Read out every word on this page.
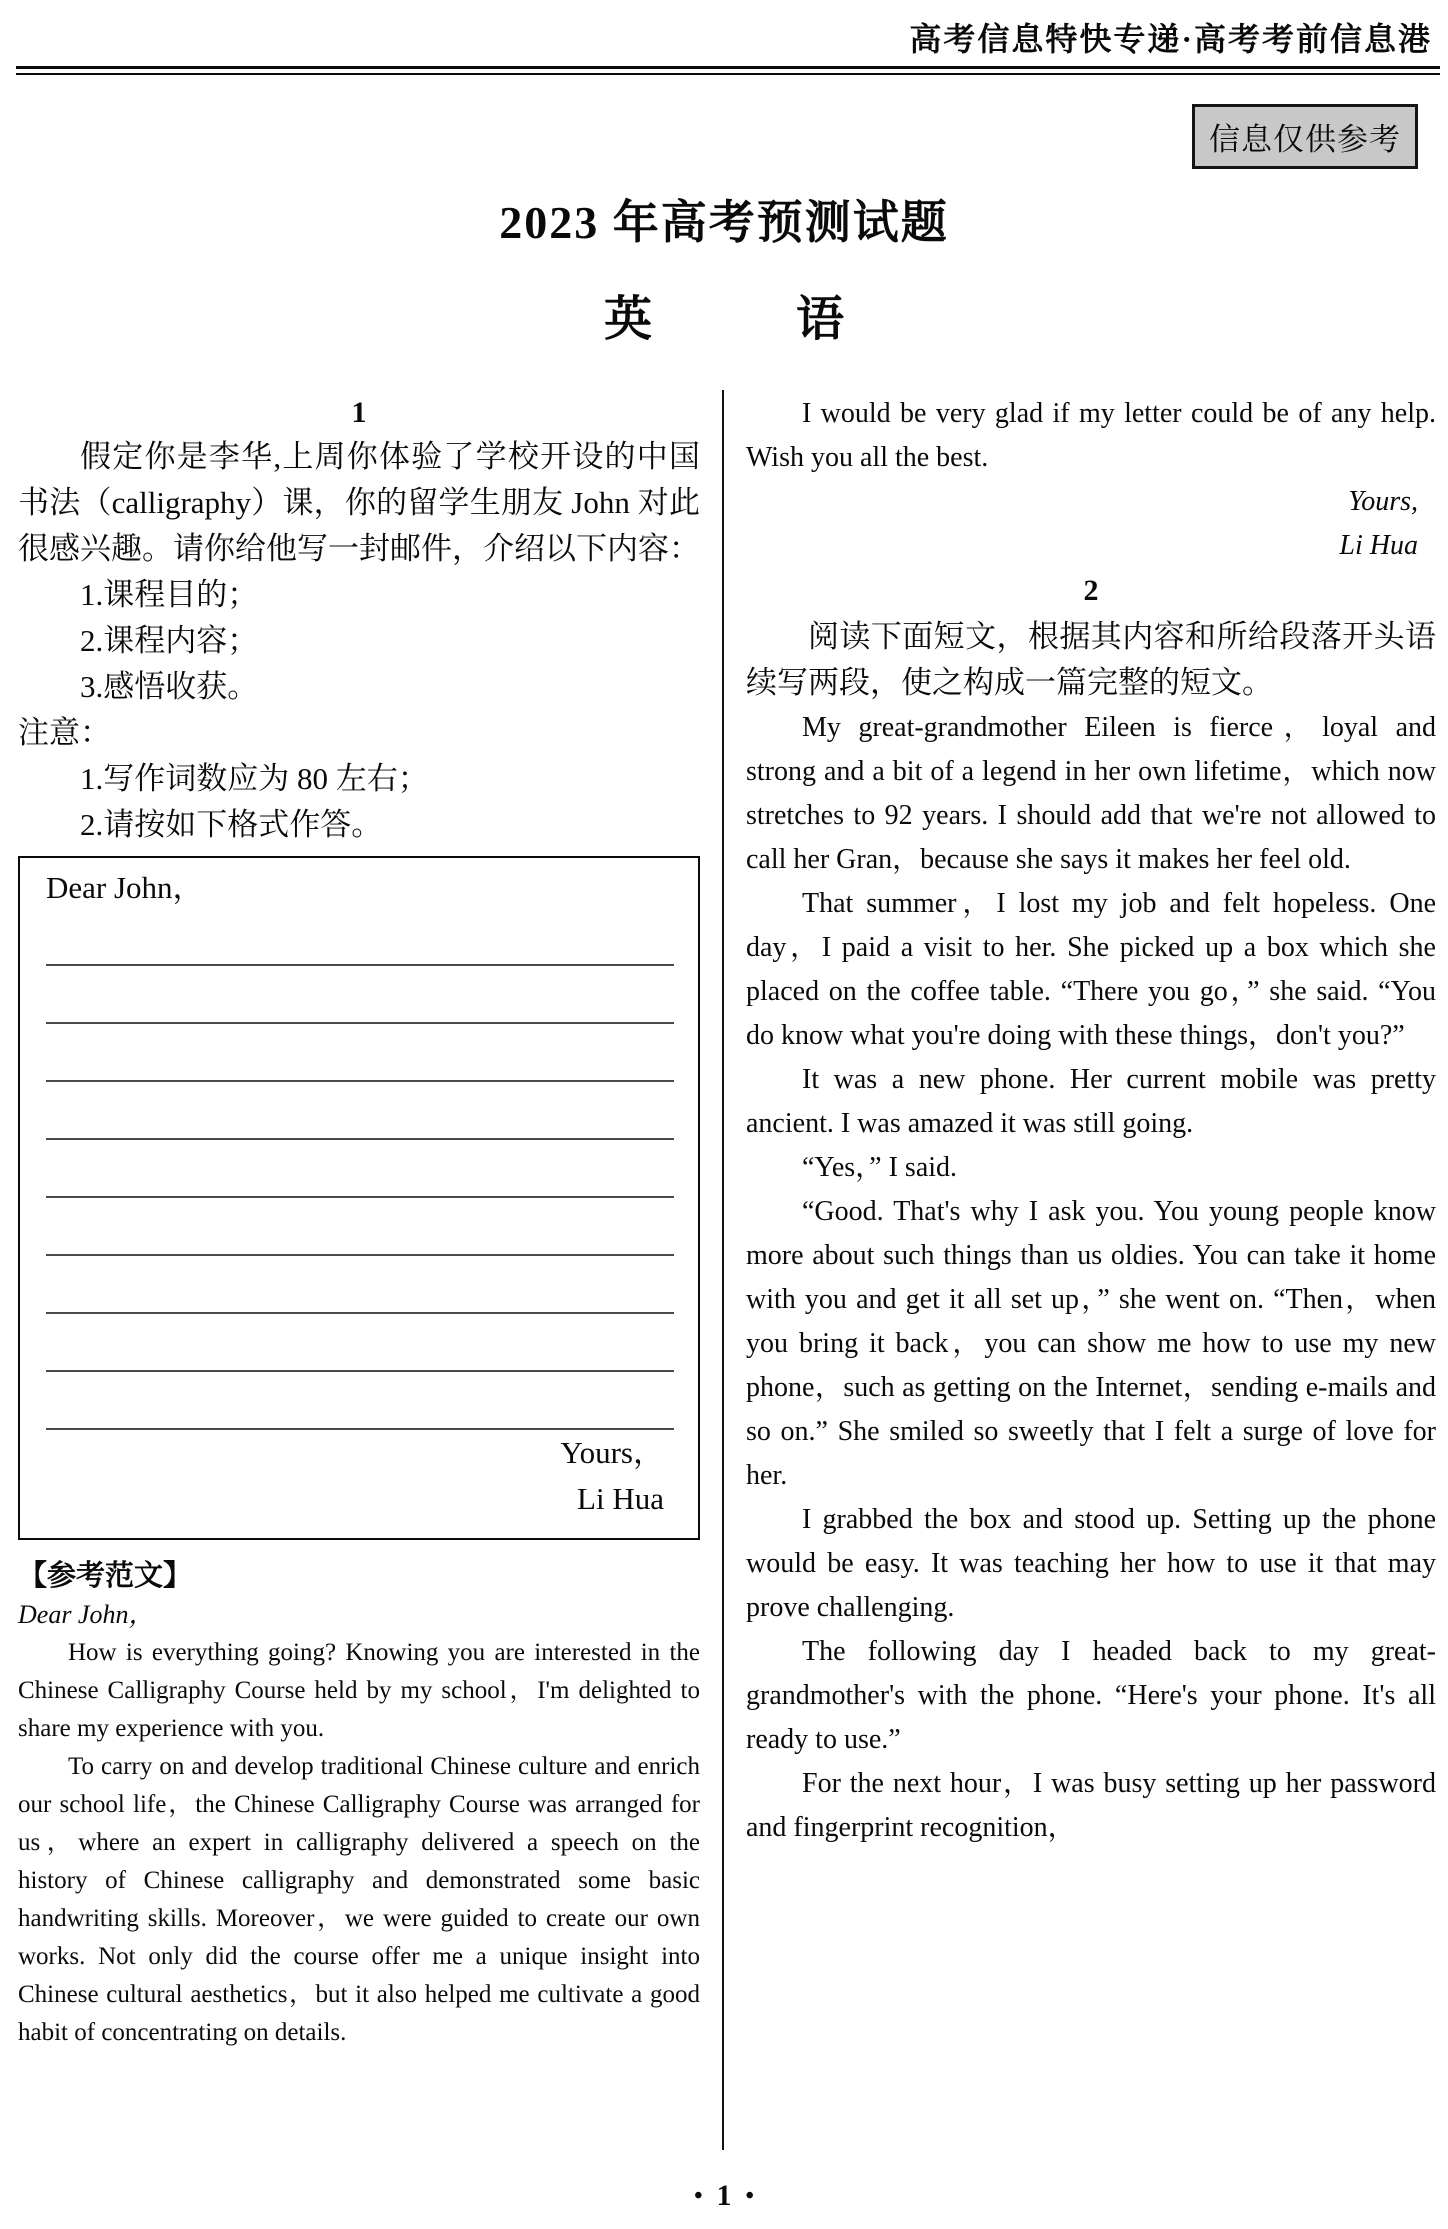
高考信息特快专递·高考考前信息港
信息仅供参考
2023 年高考预测试题
英　　　语
1

假定你是李华,上周你体验了学校开设的中国书法（calligraphy）课，你的留学生朋友 John 对此很感兴趣。请你给他写一封邮件，介绍以下内容：

1.课程目的；

2.课程内容；

3.感悟收获。

注意：

1.写作词数应为 80 左右；

2.请按如下格式作答。

Dear John，
Yours，
Li Hua
【参考范文】
Dear John，

How is everything going? Knowing you are interested in the Chinese Calligraphy Course held by my school，I'm delighted to share my experience with you.

To carry on and develop traditional Chinese culture and enrich our school life，the Chinese Calligraphy Course was arranged for us，where an expert in calligraphy delivered a speech on the history of Chinese calligraphy and demonstrated some basic handwriting skills. Moreover，we were guided to create our own works. Not only did the course offer me a unique insight into Chinese cultural aesthetics，but it also helped me cultivate a good habit of concentrating on details.

I would be very glad if my letter could be of any help. Wish you all the best.

Yours,
Li Hua
2

阅读下面短文，根据其内容和所给段落开头语续写两段，使之构成一篇完整的短文。

My great-grandmother Eileen is fierce，loyal and strong and a bit of a legend in her own lifetime，which now stretches to 92 years. I should add that we're not allowed to call her Gran，because she says it makes her feel old.

That summer，I lost my job and felt hopeless. One day，I paid a visit to her. She picked up a box which she placed on the coffee table. “There you go，” she said. “You do know what you're doing with these things，don't you?”

It was a new phone. Her current mobile was pretty ancient. I was amazed it was still going.

“Yes，” I said.

“Good. That's why I ask you. You young people know more about such things than us oldies. You can take it home with you and get it all set up，” she went on. “Then，when you bring it back，you can show me how to use my new phone，such as getting on the Internet，sending e-mails and so on.” She smiled so sweetly that I felt a surge of love for her.

I grabbed the box and stood up. Setting up the phone would be easy. It was teaching her how to use it that may prove challenging.

The following day I headed back to my great-grandmother's with the phone. “Here's your phone. It's all ready to use.”

For the next hour，I was busy setting up her password and fingerprint recognition，

• 1 •
